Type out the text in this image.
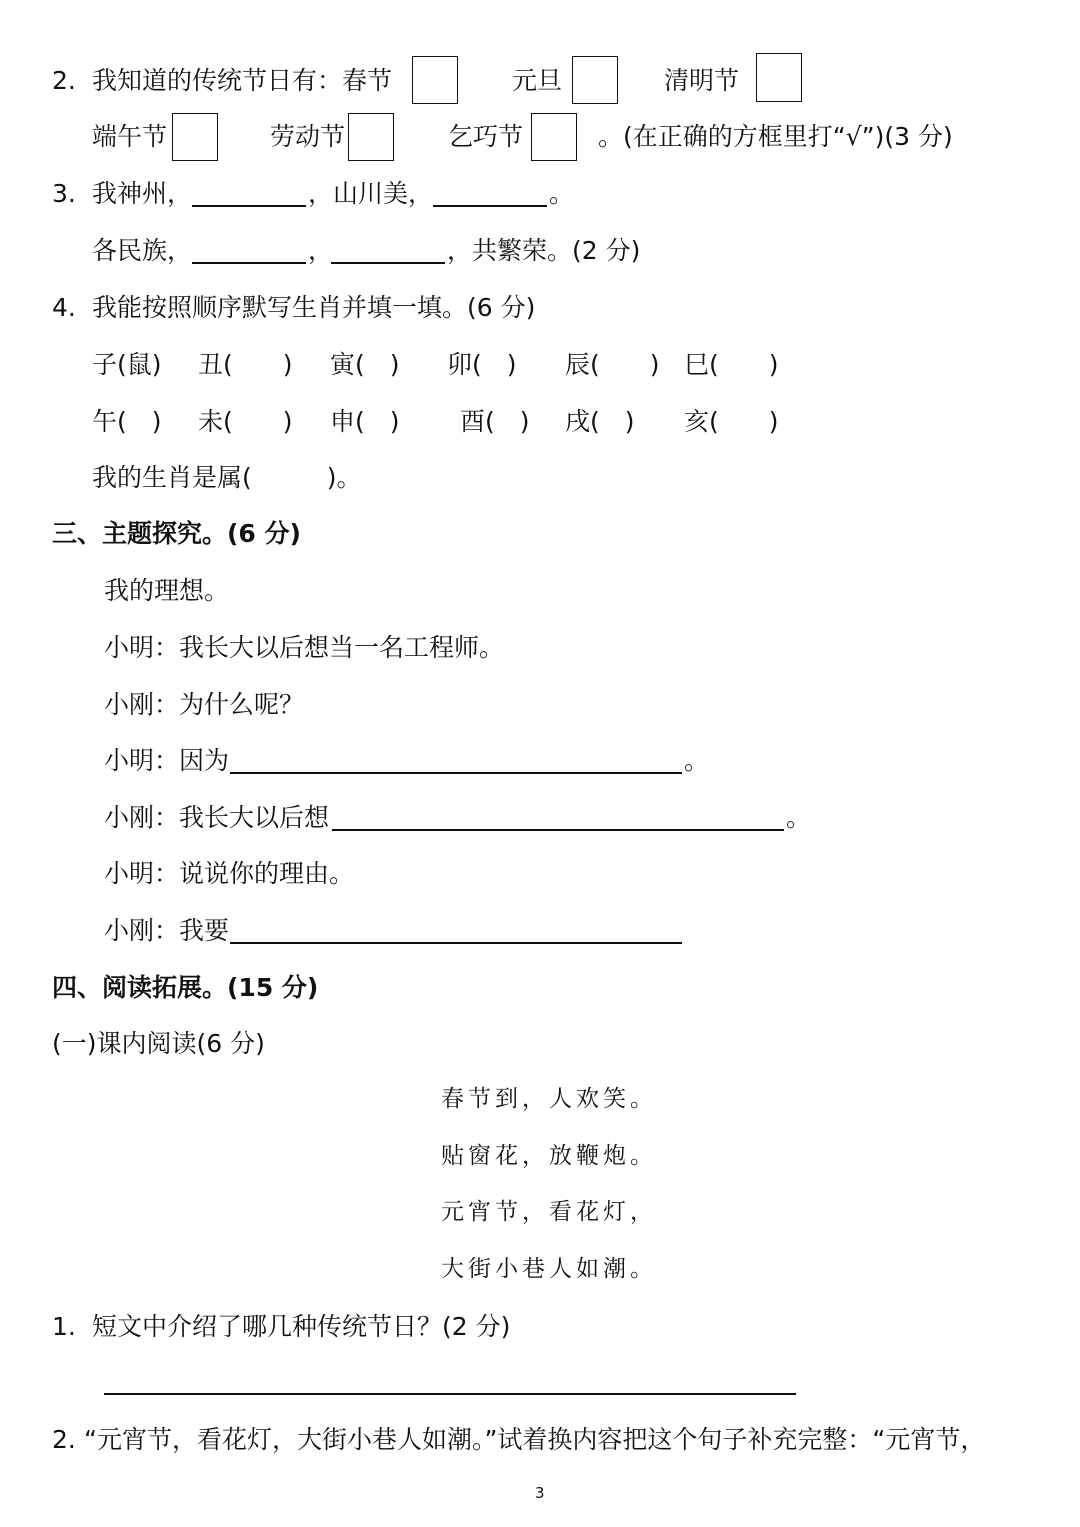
2. 我知道的传统节日有：春节	元旦	清明节
端午节	劳动节	乞巧节	。(在正确的方框里打“√”)(3 分)
3. 我神州，	，山川美，	。
各民族，	，	，共繁荣。(2 分)
4. 我能按照顺序默写生肖并填一填。(6 分)
子(鼠) 丑(　　) 寅(　) 卯(　) 辰(　　) 巳(　　)
午(　) 未(　　) 申(　) 酉(　) 戌(　) 亥(　　)
我的生肖是属(　　　)。
三、主题探究。(6 分)
我的理想。
小明：我长大以后想当一名工程师。
小刚：为什么呢？
小明：因为	。
小刚：我长大以后想	。
小明：说说你的理由。
小刚：我要
四、阅读拓展。(15 分)
(一)课内阅读(6 分)
春节到，人欢笑。
贴窗花，放鞭炮。
元宵节，看花灯，
大街小巷人如潮。
1. 短文中介绍了哪几种传统节日？(2 分)
2. “元宵节，看花灯，大街小巷人如潮。”试着换内容把这个句子补充完整：“元宵节，
3
